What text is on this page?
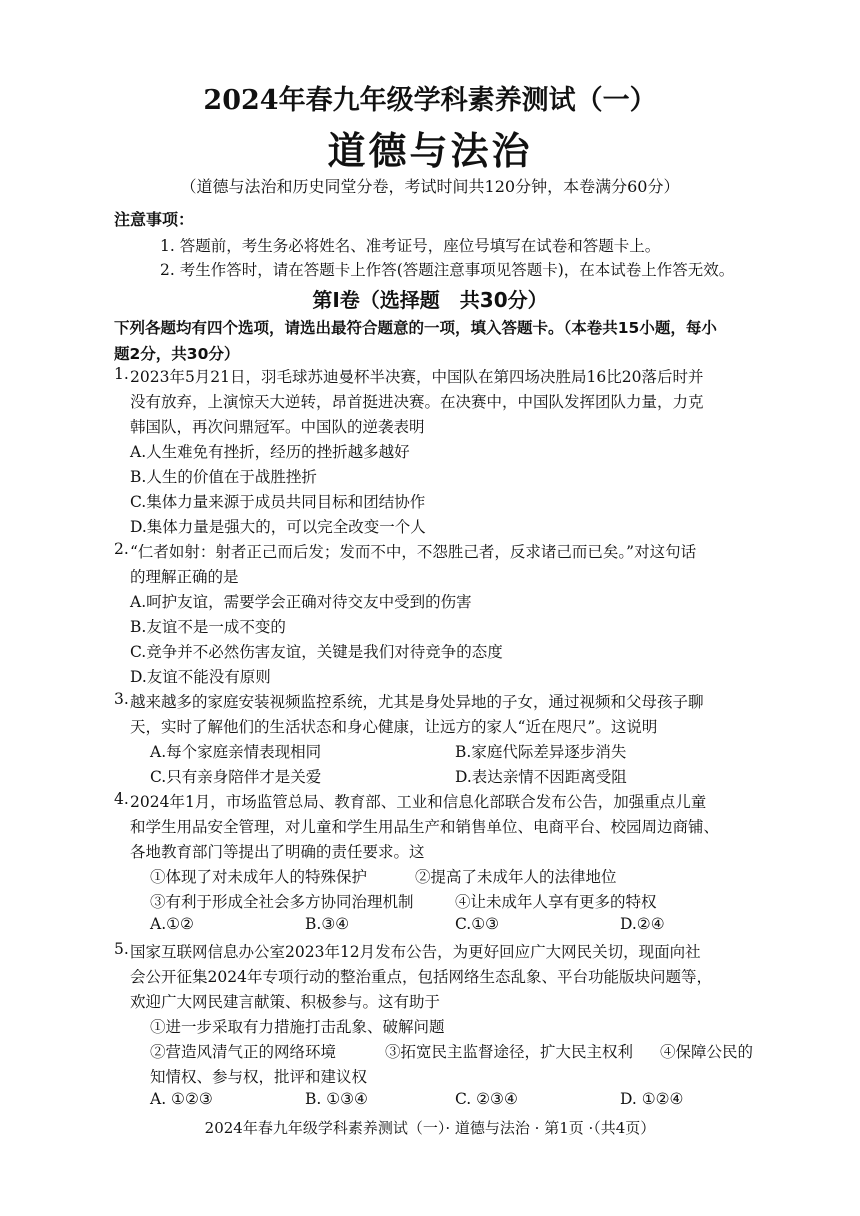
2024年春九年级学科素养测试（一）
道德与法治
（道德与法治和历史同堂分卷，考试时间共120分钟，本卷满分60分）
注意事项：
1. 答题前，考生务必将姓名、准考证号，座位号填写在试卷和答题卡上。
2. 考生作答时，请在答题卡上作答(答题注意事项见答题卡)，在本试卷上作答无效。
第Ⅰ卷（选择题　共30分）
下列各题均有四个选项，请选出最符合题意的一项，填入答题卡。（本卷共15小题，每小
题2分，共30分）
1. 2023年5月21日，羽毛球苏迪曼杯半决赛，中国队在第四场决胜局16比20落后时并
没有放弃，上演惊天大逆转，昂首挺进决赛。在决赛中，中国队发挥团队力量，力克
韩国队，再次问鼎冠军。中国队的逆袭表明
A.人生难免有挫折，经历的挫折越多越好
B.人生的价值在于战胜挫折
C.集体力量来源于成员共同目标和团结协作
D.集体力量是强大的，可以完全改变一个人
2. “仁者如射：射者正己而后发；发而不中，不怨胜己者，反求诸己而已矣。”对这句话
的理解正确的是
A.呵护友谊，需要学会正确对待交友中受到的伤害
B.友谊不是一成不变的
C.竞争并不必然伤害友谊，关键是我们对待竞争的态度
D.友谊不能没有原则
3. 越来越多的家庭安装视频监控系统，尤其是身处异地的子女，通过视频和父母孩子聊
天，实时了解他们的生活状态和身心健康，让远方的家人“近在咫尺”。这说明
A.每个家庭亲情表现相同	B.家庭代际差异逐步消失
C.只有亲身陪伴才是关爱	D.表达亲情不因距离受阻
4. 2024年1月，市场监管总局、教育部、工业和信息化部联合发布公告，加强重点儿童
和学生用品安全管理，对儿童和学生用品生产和销售单位、电商平台、校园周边商铺、
各地教育部门等提出了明确的责任要求。这
①体现了对未成年人的特殊保护	②提高了未成年人的法律地位
③有利于形成全社会多方协同治理机制	④让未成年人享有更多的特权
A.①②	B.③④	C.①③	D.②④
5. 国家互联网信息办公室2023年12月发布公告，为更好回应广大网民关切，现面向社
会公开征集2024年专项行动的整治重点，包括网络生态乱象、平台功能版块问题等，
欢迎广大网民建言献策、积极参与。这有助于
①进一步采取有力措施打击乱象、破解问题
②营造风清气正的网络环境	③拓宽民主监督途径，扩大民主权利 ④保障公民的
知情权、参与权，批评和建议权
A. ①②③	B. ①③④	C. ②③④	D. ①②④
2024年春九年级学科素养测试（一）· 道德与法治 · 第1页 ·（共4页）
